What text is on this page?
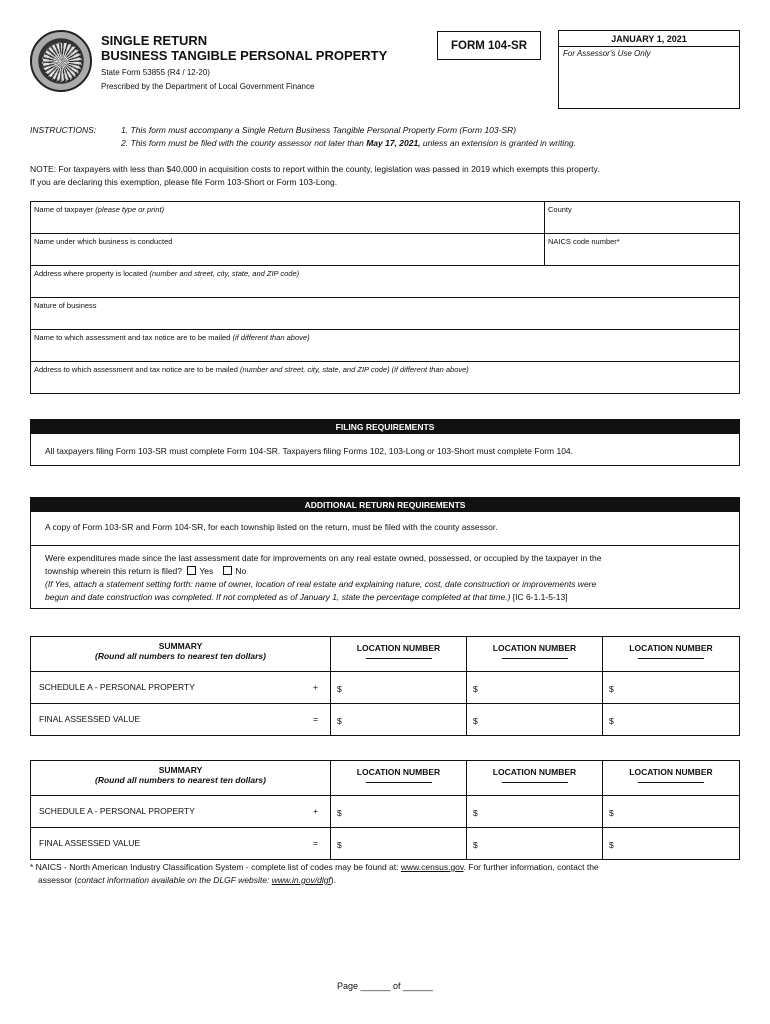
SINGLE RETURN
BUSINESS TANGIBLE PERSONAL PROPERTY
State Form 53855 (R4 / 12-20)
Prescribed by the Department of Local Government Finance
FORM 104-SR
JANUARY 1, 2021
For Assessor's Use Only
INSTRUCTIONS:	1. This form must accompany a Single Return Business Tangible Personal Property Form (Form 103-SR)
2. This form must be filed with the county assessor not later than May 17, 2021, unless an extension is granted in writing.
NOTE: For taxpayers with less than $40,000 in acquisition costs to report within the county, legislation was passed in 2019 which exempts this property.
If you are declaring this exemption, please file Form 103-Short or Form 103-Long.
Name of taxpayer (please type or print)	County
Name under which business is conducted	NAICS code number*
Address where property is located (number and street, city, state, and ZIP code)
Nature of business
Name to which assessment and tax notice are to be mailed (if different than above)
Address to which assessment and tax notice are to be mailed (number and street, city, state, and ZIP code) (if different than above)
FILING REQUIREMENTS
All taxpayers filing Form 103-SR must complete Form 104-SR. Taxpayers filing Forms 102, 103-Long or 103-Short must complete Form 104.
ADDITIONAL RETURN REQUIREMENTS
A copy of Form 103-SR and Form 104-SR, for each township listed on the return, must be filed with the county assessor.
Were expenditures made since the last assessment date for improvements on any real estate owned, possessed, or occupied by the taxpayer in the
township wherein this return is filed? Yes	No
(If Yes, attach a statement setting forth: name of owner, location of real estate and explaining nature, cost, date construction or improvements were
begun and date construction was completed. If not completed as of January 1, state the percentage completed at that time.) [IC 6-1.1-5-13]
SUMMARY
(Round all numbers to nearest ten dollars)	LOCATION NUMBER	LOCATION NUMBER	LOCATION NUMBER

SCHEDULE A - PERSONAL PROPERTY +	$	$	$
FINAL ASSESSED VALUE =	$	$	$
SUMMARY
(Round all numbers to nearest ten dollars)	LOCATION NUMBER	LOCATION NUMBER	LOCATION NUMBER

SCHEDULE A - PERSONAL PROPERTY +	$	$	$
FINAL ASSESSED VALUE =	$	$	$
* NAICS - North American Industry Classification System - complete list of codes may be found at: www.census.gov. For further information, contact the
assessor (contact information available on the DLGF website: www.in.gov/dlgf).
Page ______ of ______
